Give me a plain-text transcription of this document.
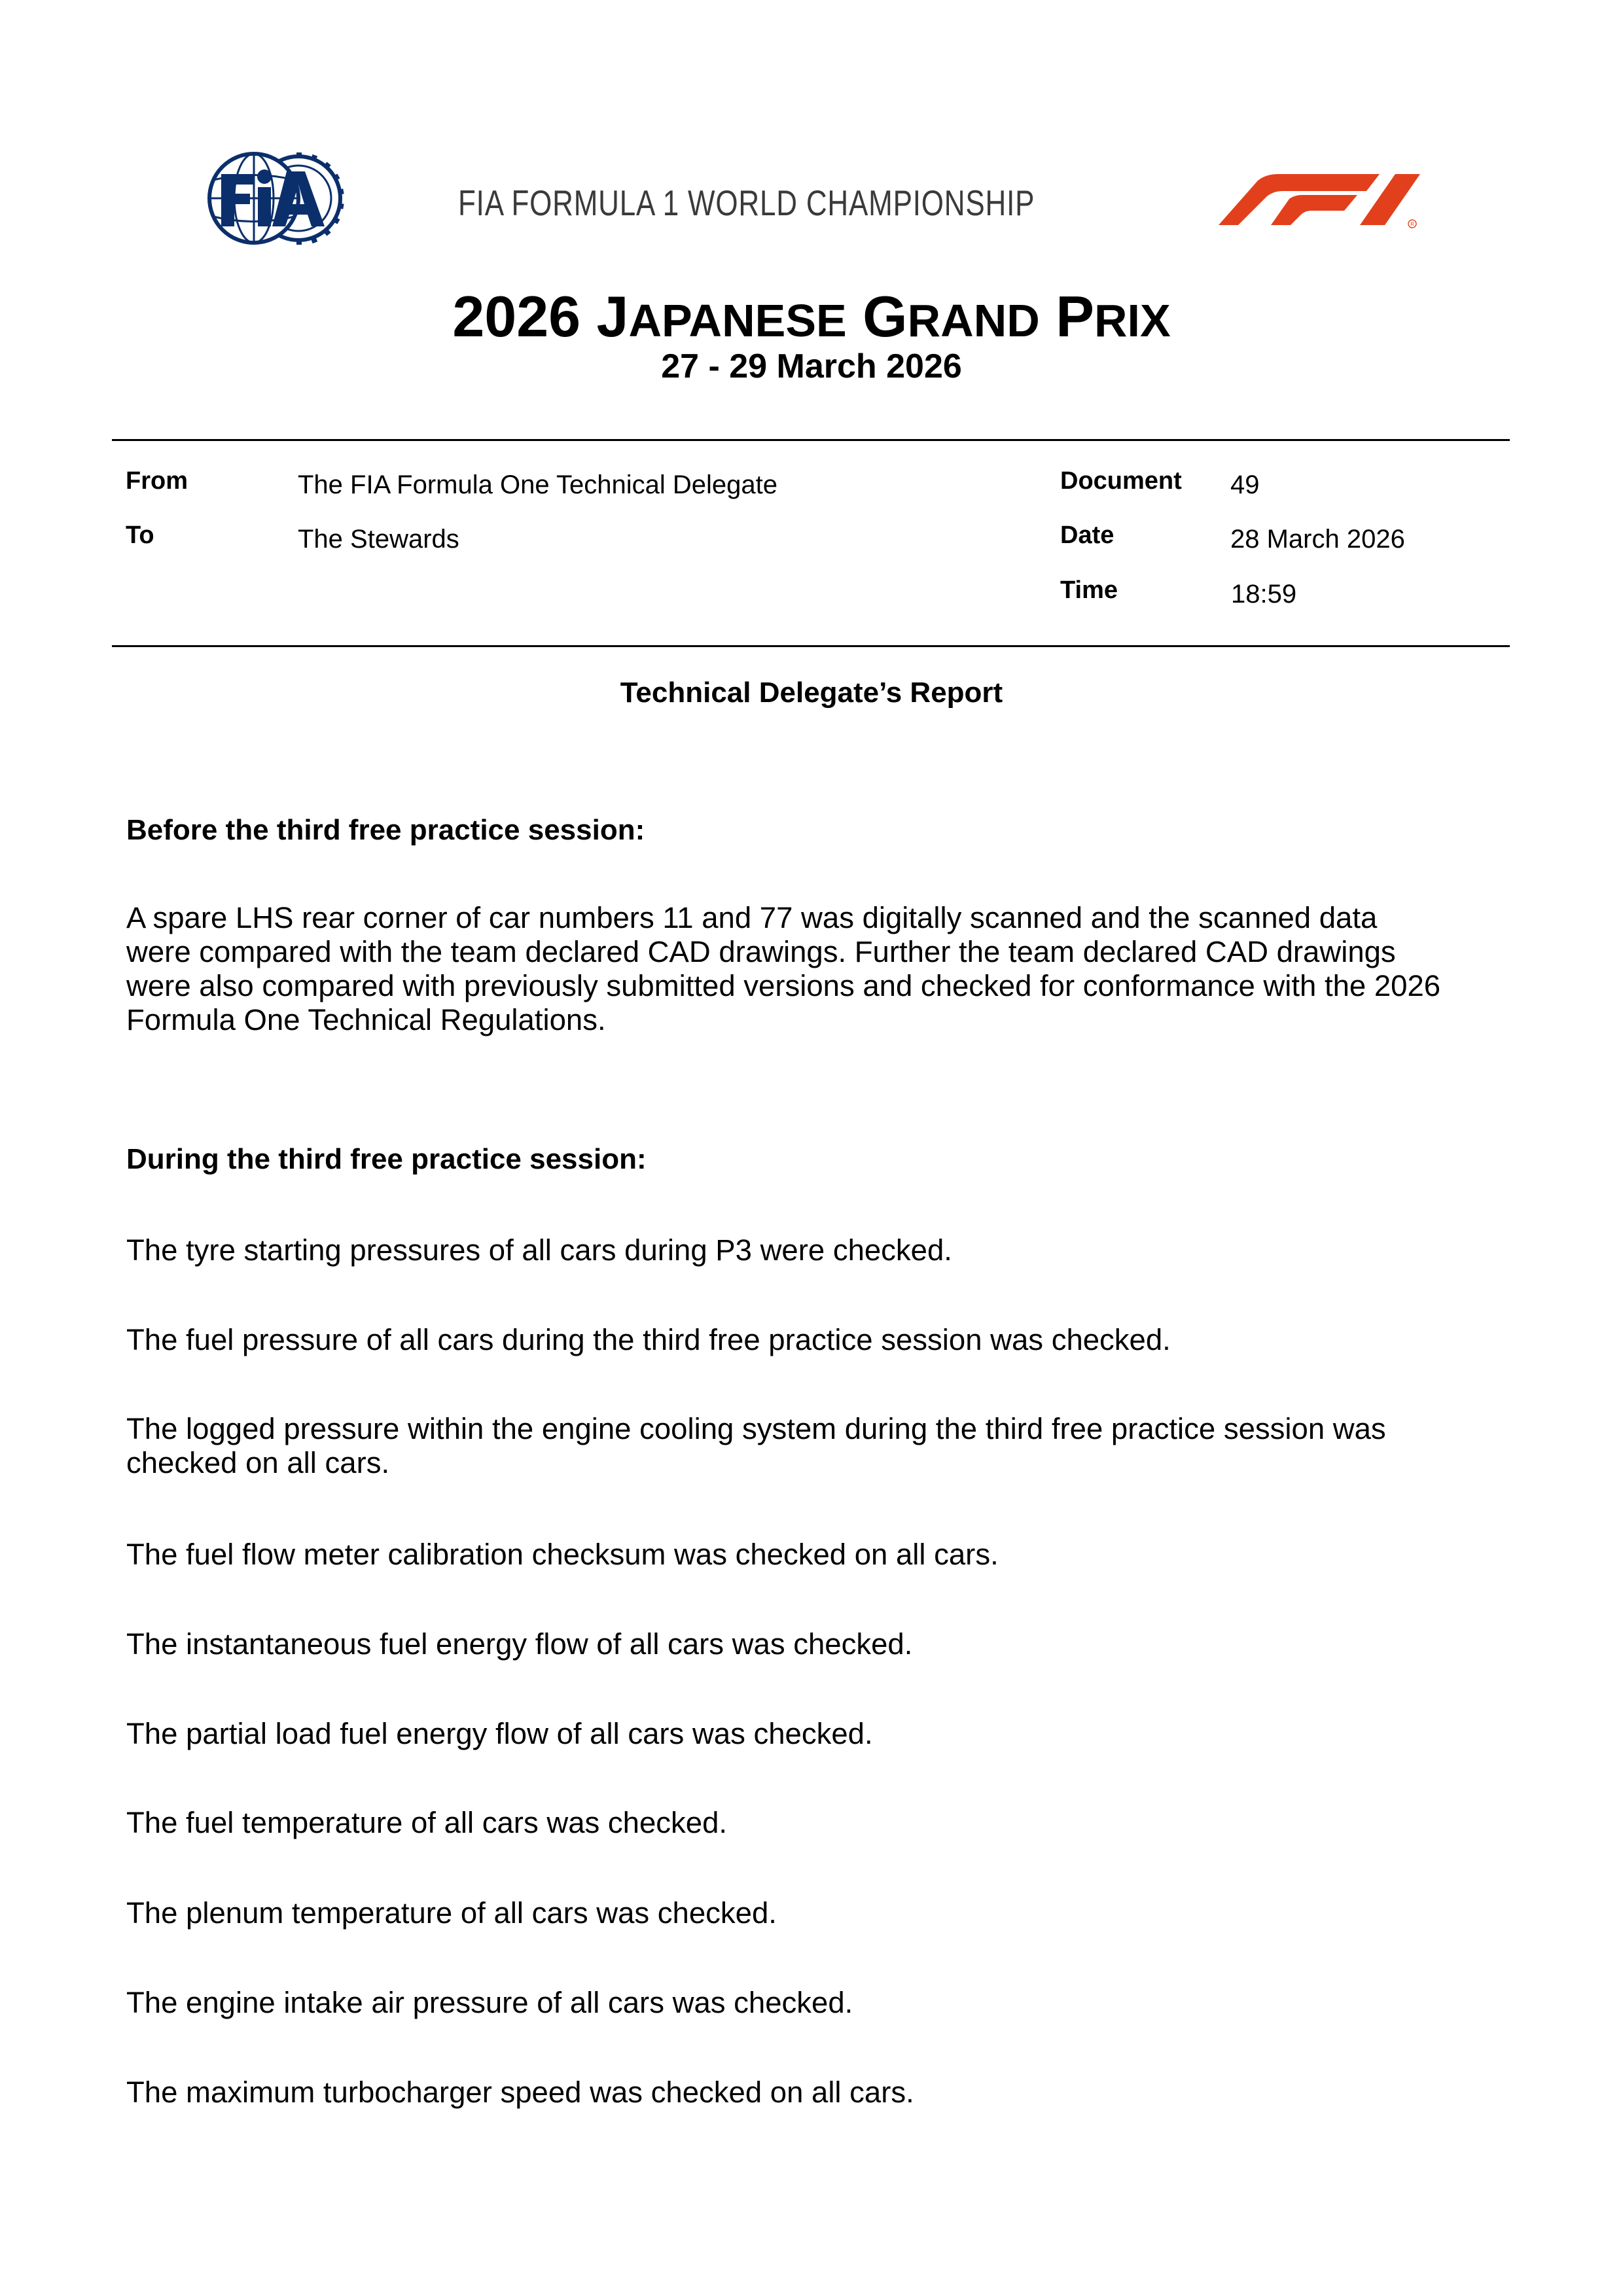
FIA FORMULA 1 WORLD CHAMPIONSHIP
R
2026 JAPANESE GRAND PRIX
27 - 29 March 2026
From	The FIA Formula One Technical Delegate
To	The Stewards
Document 49
Date	28 March 2026
Time	18:59
Technical Delegate’s Report
Before the third free practice session:
A spare LHS rear corner of car numbers 11 and 77 was digitally scanned and the scanned data
were compared with the team declared CAD drawings. Further the team declared CAD drawings
were also compared with previously submitted versions and checked for conformance with the 2026
Formula One Technical Regulations.
During the third free practice session:
The tyre starting pressures of all cars during P3 were checked.
The fuel pressure of all cars during the third free practice session was checked.
The logged pressure within the engine cooling system during the third free practice session was
checked on all cars.
The fuel flow meter calibration checksum was checked on all cars.
The instantaneous fuel energy flow of all cars was checked.
The partial load fuel energy flow of all cars was checked.
The fuel temperature of all cars was checked.
The plenum temperature of all cars was checked.
The engine intake air pressure of all cars was checked.
The maximum turbocharger speed was checked on all cars.
